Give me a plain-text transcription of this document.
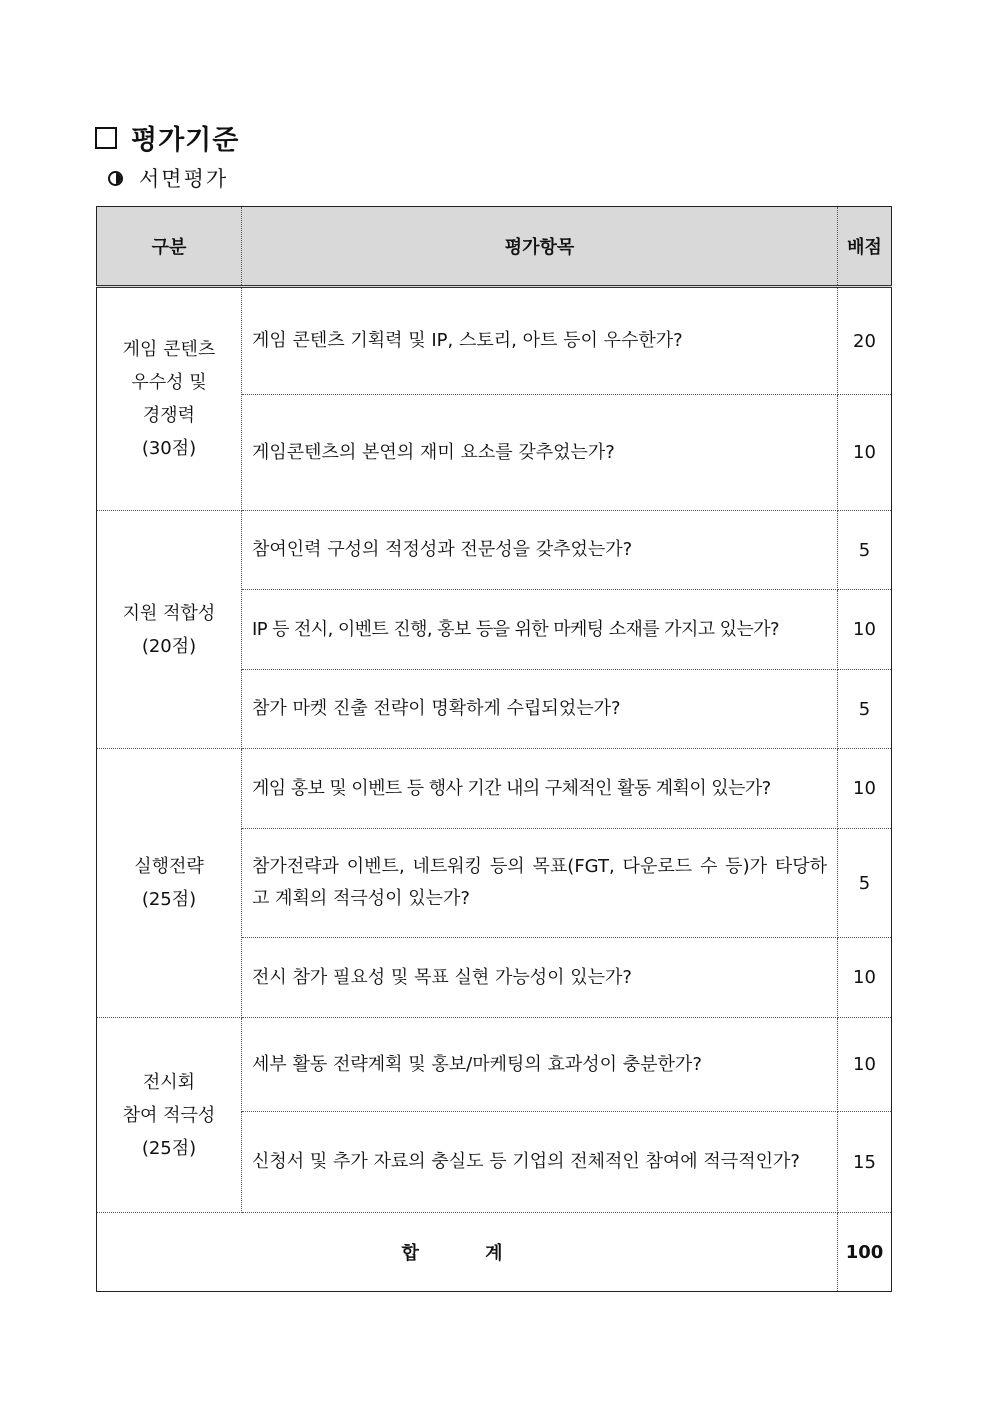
평가기준
서면평가
구분	평가항목	배점

게임 콘텐츠
우수성 및
경쟁력
(30점)	게임 콘텐츠 기획력 및 IP, 스토리, 아트 등이 우수한가?	20
	게임콘텐츠의 본연의 재미 요소를 갖추었는가?	10

지원 적합성
(20점)	참여인력 구성의 적정성과 전문성을 갖추었는가?	5
	IP 등 전시, 이벤트 진행, 홍보 등을 위한 마케팅 소재를 가지고 있는가?	10
	참가 마켓 진출 전략이 명확하게 수립되었는가?	5

실행전략
(25점)	게임 홍보 및 이벤트 등 행사 기간 내의 구체적인 활동 계획이 있는가?	10
	참가전략과 이벤트, 네트워킹 등의 목표(FGT, 다운로드 수 등)가 타당하고 계획의 적극성이 있는가?	5
	전시 참가 필요성 및 목표 실현 가능성이 있는가?	10

전시회
참여 적극성
(25점)	세부 활동 전략계획 및 홍보/마케팅의 효과성이 충분한가?	10
	신청서 및 추가 자료의 충실도 등 기업의 전체적인 참여에 적극적인가?	15
합 계		100
